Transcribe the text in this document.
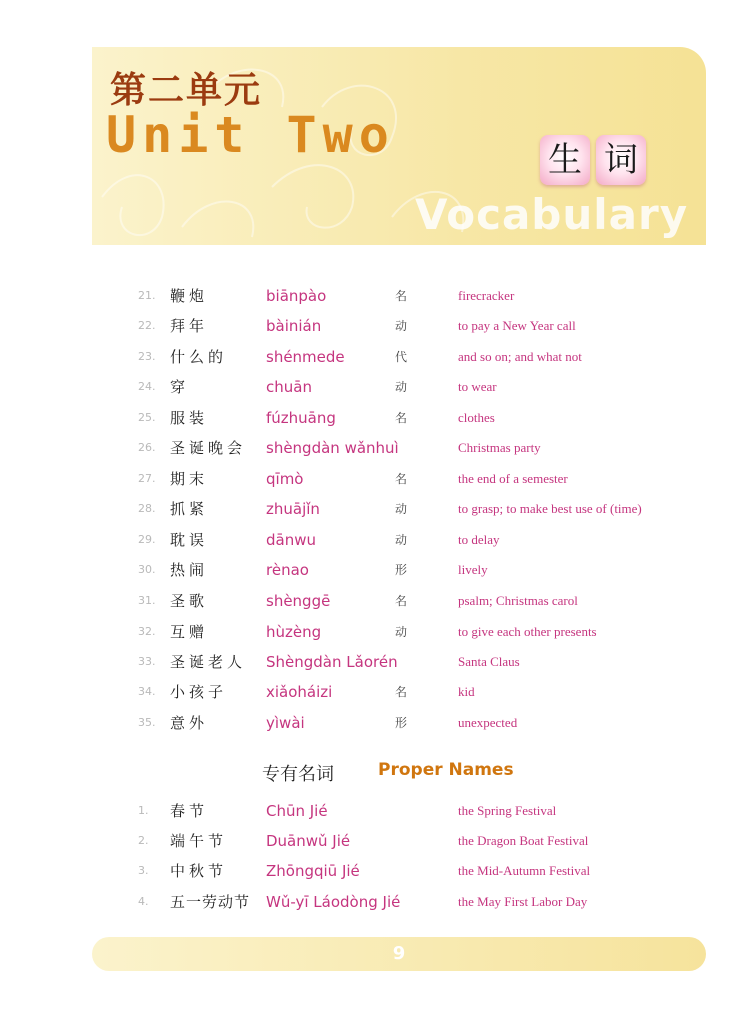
第二单元
Unit Two
Vocabulary
生 词
21. 鞭炮	biānpào	名	firecracker
22. 拜年	bàinián	动	to pay a New Year call
23. 什么的	shénmede	代	and so on; and what not
24. 穿	chuān	动	to wear
25. 服装	fúzhuāng	名	clothes
26. 圣诞晚会 shèngdàn wǎnhuì	Christmas party
27. 期末	qīmò	名	the end of a semester
28. 抓紧	zhuājǐn	动	to grasp; to make best use of (time)
29. 耽误	dānwu	动	to delay
30. 热闹	rènao	形	lively
31. 圣歌	shènggē	名	psalm; Christmas carol
32. 互赠	hùzèng	动	to give each other presents
33. 圣诞老人 Shèngdàn Lǎorén	Santa Claus
34. 小孩子	xiǎoháizi	名	kid
35. 意外	yìwài	形	unexpected
专有名词	Proper Names
1. 春节	Chūn Jié	the Spring Festival
2. 端午节	Duānwǔ Jié	the Dragon Boat Festival
3. 中秋节	Zhōngqiū Jié	the Mid-Autumn Festival
4. 五一劳动节 Wǔ-yī Láodòng Jié	the May First Labor Day
9
